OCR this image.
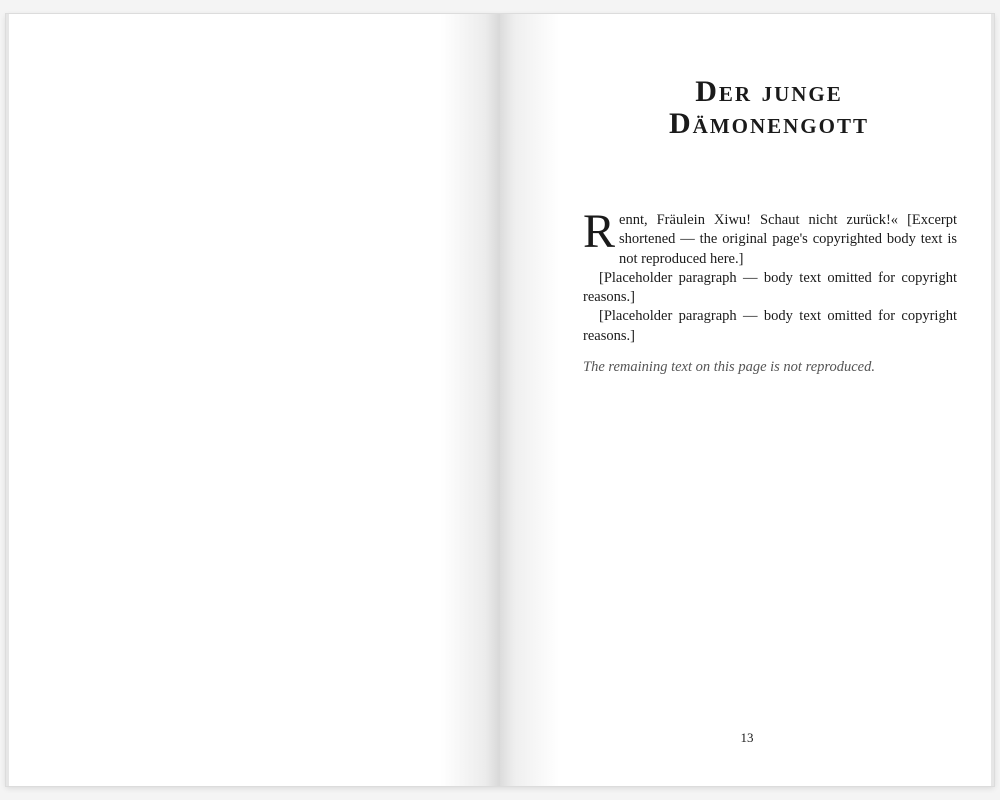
Der junge
Dämonengott

Rennt, Fräulein Xiwu! Schaut nicht zurück!« [Excerpt shortened — the original page's copyrighted body text is not reproduced here.]

[Placeholder paragraph — body text omitted for copyright reasons.]

[Placeholder paragraph — body text omitted for copyright reasons.]

The remaining text on this page is not reproduced.

13
